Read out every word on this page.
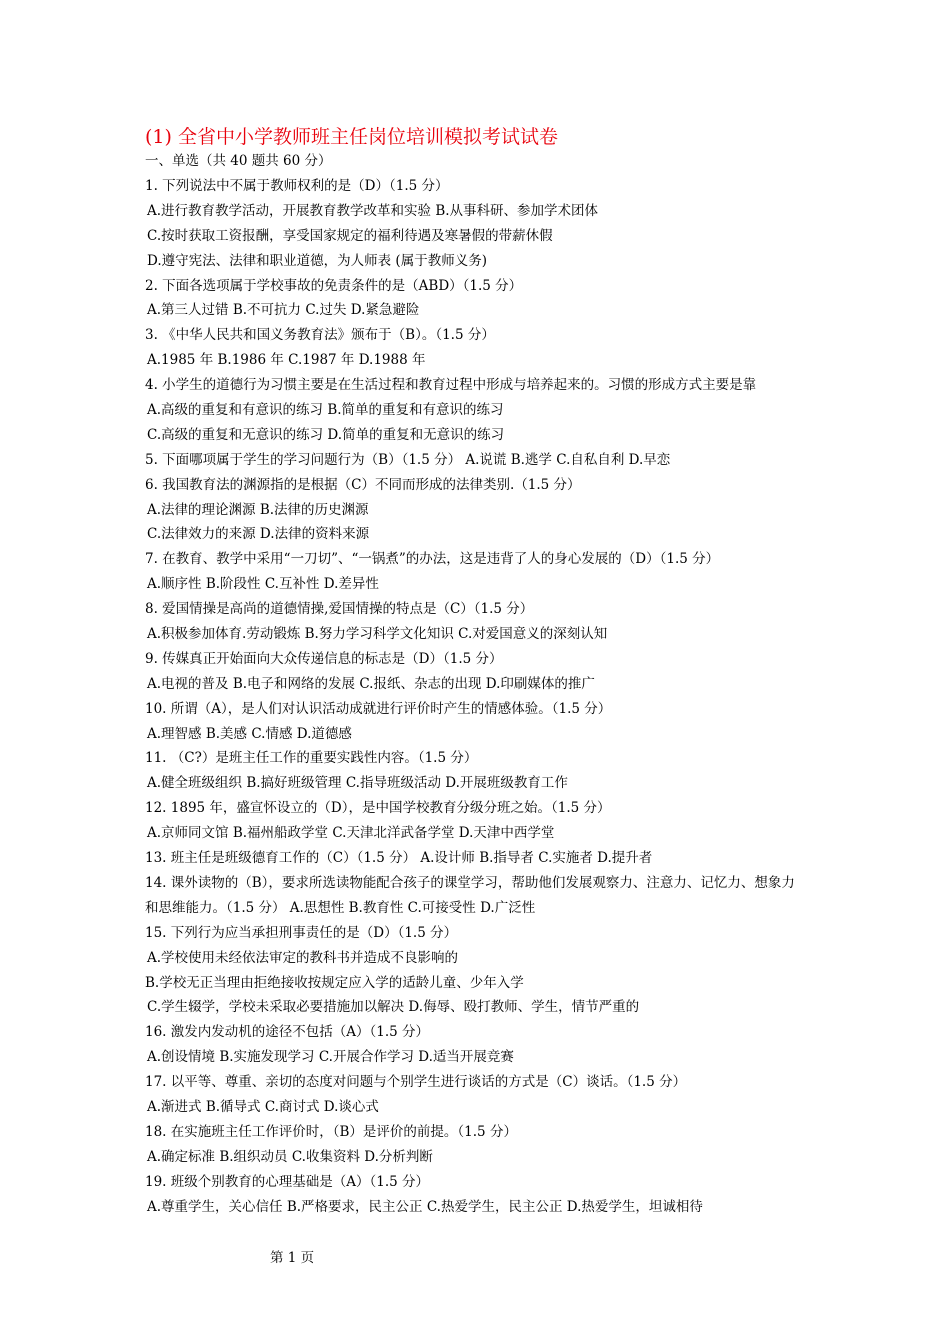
(1) 全省中小学教师班主任岗位培训模拟考试试卷
一、单选（共 40 题共 60 分）
1. 下列说法中不属于教师权利的是（D）（1.5 分）
A.进行教育教学活动，开展教育教学改革和实验 B.从事科研、参加学术团体
C.按时获取工资报酬，享受国家规定的福利待遇及寒暑假的带薪休假
D.遵守宪法、法律和职业道德，为人师表 (属于教师义务)
2. 下面各选项属于学校事故的免责条件的是（ABD）（1.5 分）
A.第三人过错 B.不可抗力 C.过失 D.紧急避险
3. 《中华人民共和国义务教育法》颁布于（B）。（1.5 分）
A.1985 年 B.1986 年 C.1987 年 D.1988 年
4. 小学生的道德行为习惯主要是在生活过程和教育过程中形成与培养起来的。习惯的形成方式主要是靠
A.高级的重复和有意识的练习 B.简单的重复和有意识的练习
C.高级的重复和无意识的练习 D.简单的重复和无意识的练习
5. 下面哪项属于学生的学习问题行为（B）（1.5 分） A.说谎 B.逃学 C.自私自利 D.早恋
6. 我国教育法的渊源指的是根据（C）不同而形成的法律类别.（1.5 分）
A.法律的理论渊源 B.法律的历史渊源
C.法律效力的来源 D.法律的资料来源
7. 在教育、教学中采用“一刀切”、“一锅煮”的办法，这是违背了人的身心发展的（D）（1.5 分）
A.顺序性 B.阶段性 C.互补性 D.差异性
8. 爱国情操是高尚的道德情操,爱国情操的特点是（C）（1.5 分）
A.积极参加体育.劳动锻炼 B.努力学习科学文化知识 C.对爱国意义的深刻认知
9. 传媒真正开始面向大众传递信息的标志是（D）（1.5 分）
A.电视的普及 B.电子和网络的发展 C.报纸、杂志的出现 D.印刷媒体的推广
10. 所谓（A），是人们对认识活动成就进行评价时产生的情感体验。（1.5 分）
A.理智感 B.美感 C.情感 D.道德感
11. （C?）是班主任工作的重要实践性内容。（1.5 分）
A.健全班级组织 B.搞好班级管理 C.指导班级活动 D.开展班级教育工作
12. 1895 年，盛宣怀设立的（D），是中国学校教育分级分班之始。（1.5 分）
A.京师同文馆 B.福州船政学堂 C.天津北洋武备学堂 D.天津中西学堂
13. 班主任是班级德育工作的（C）（1.5 分） A.设计师 B.指导者 C.实施者 D.提升者
14. 课外读物的（B），要求所选读物能配合孩子的课堂学习，帮助他们发展观察力、注意力、记忆力、想象力
和思维能力。（1.5 分） A.思想性 B.教育性 C.可接受性 D.广泛性
15. 下列行为应当承担刑事责任的是（D）（1.5 分）
A.学校使用未经依法审定的教科书并造成不良影响的
B.学校无正当理由拒绝接收按规定应入学的适龄儿童、少年入学
C.学生辍学，学校未采取必要措施加以解决 D.侮辱、殴打教师、学生，情节严重的
16. 激发内发动机的途径不包括（A）（1.5 分）
A.创设情境 B.实施发现学习 C.开展合作学习 D.适当开展竞赛
17. 以平等、尊重、亲切的态度对问题与个别学生进行谈话的方式是（C）谈话。（1.5 分）
A.渐进式 B.循导式 C.商讨式 D.谈心式
18. 在实施班主任工作评价时，（B）是评价的前提。（1.5 分）
A.确定标准 B.组织动员 C.收集资料 D.分析判断
19. 班级个别教育的心理基础是（A）（1.5 分）
A.尊重学生，关心信任 B.严格要求，民主公正 C.热爱学生，民主公正 D.热爱学生，坦诚相待
第 1 页
